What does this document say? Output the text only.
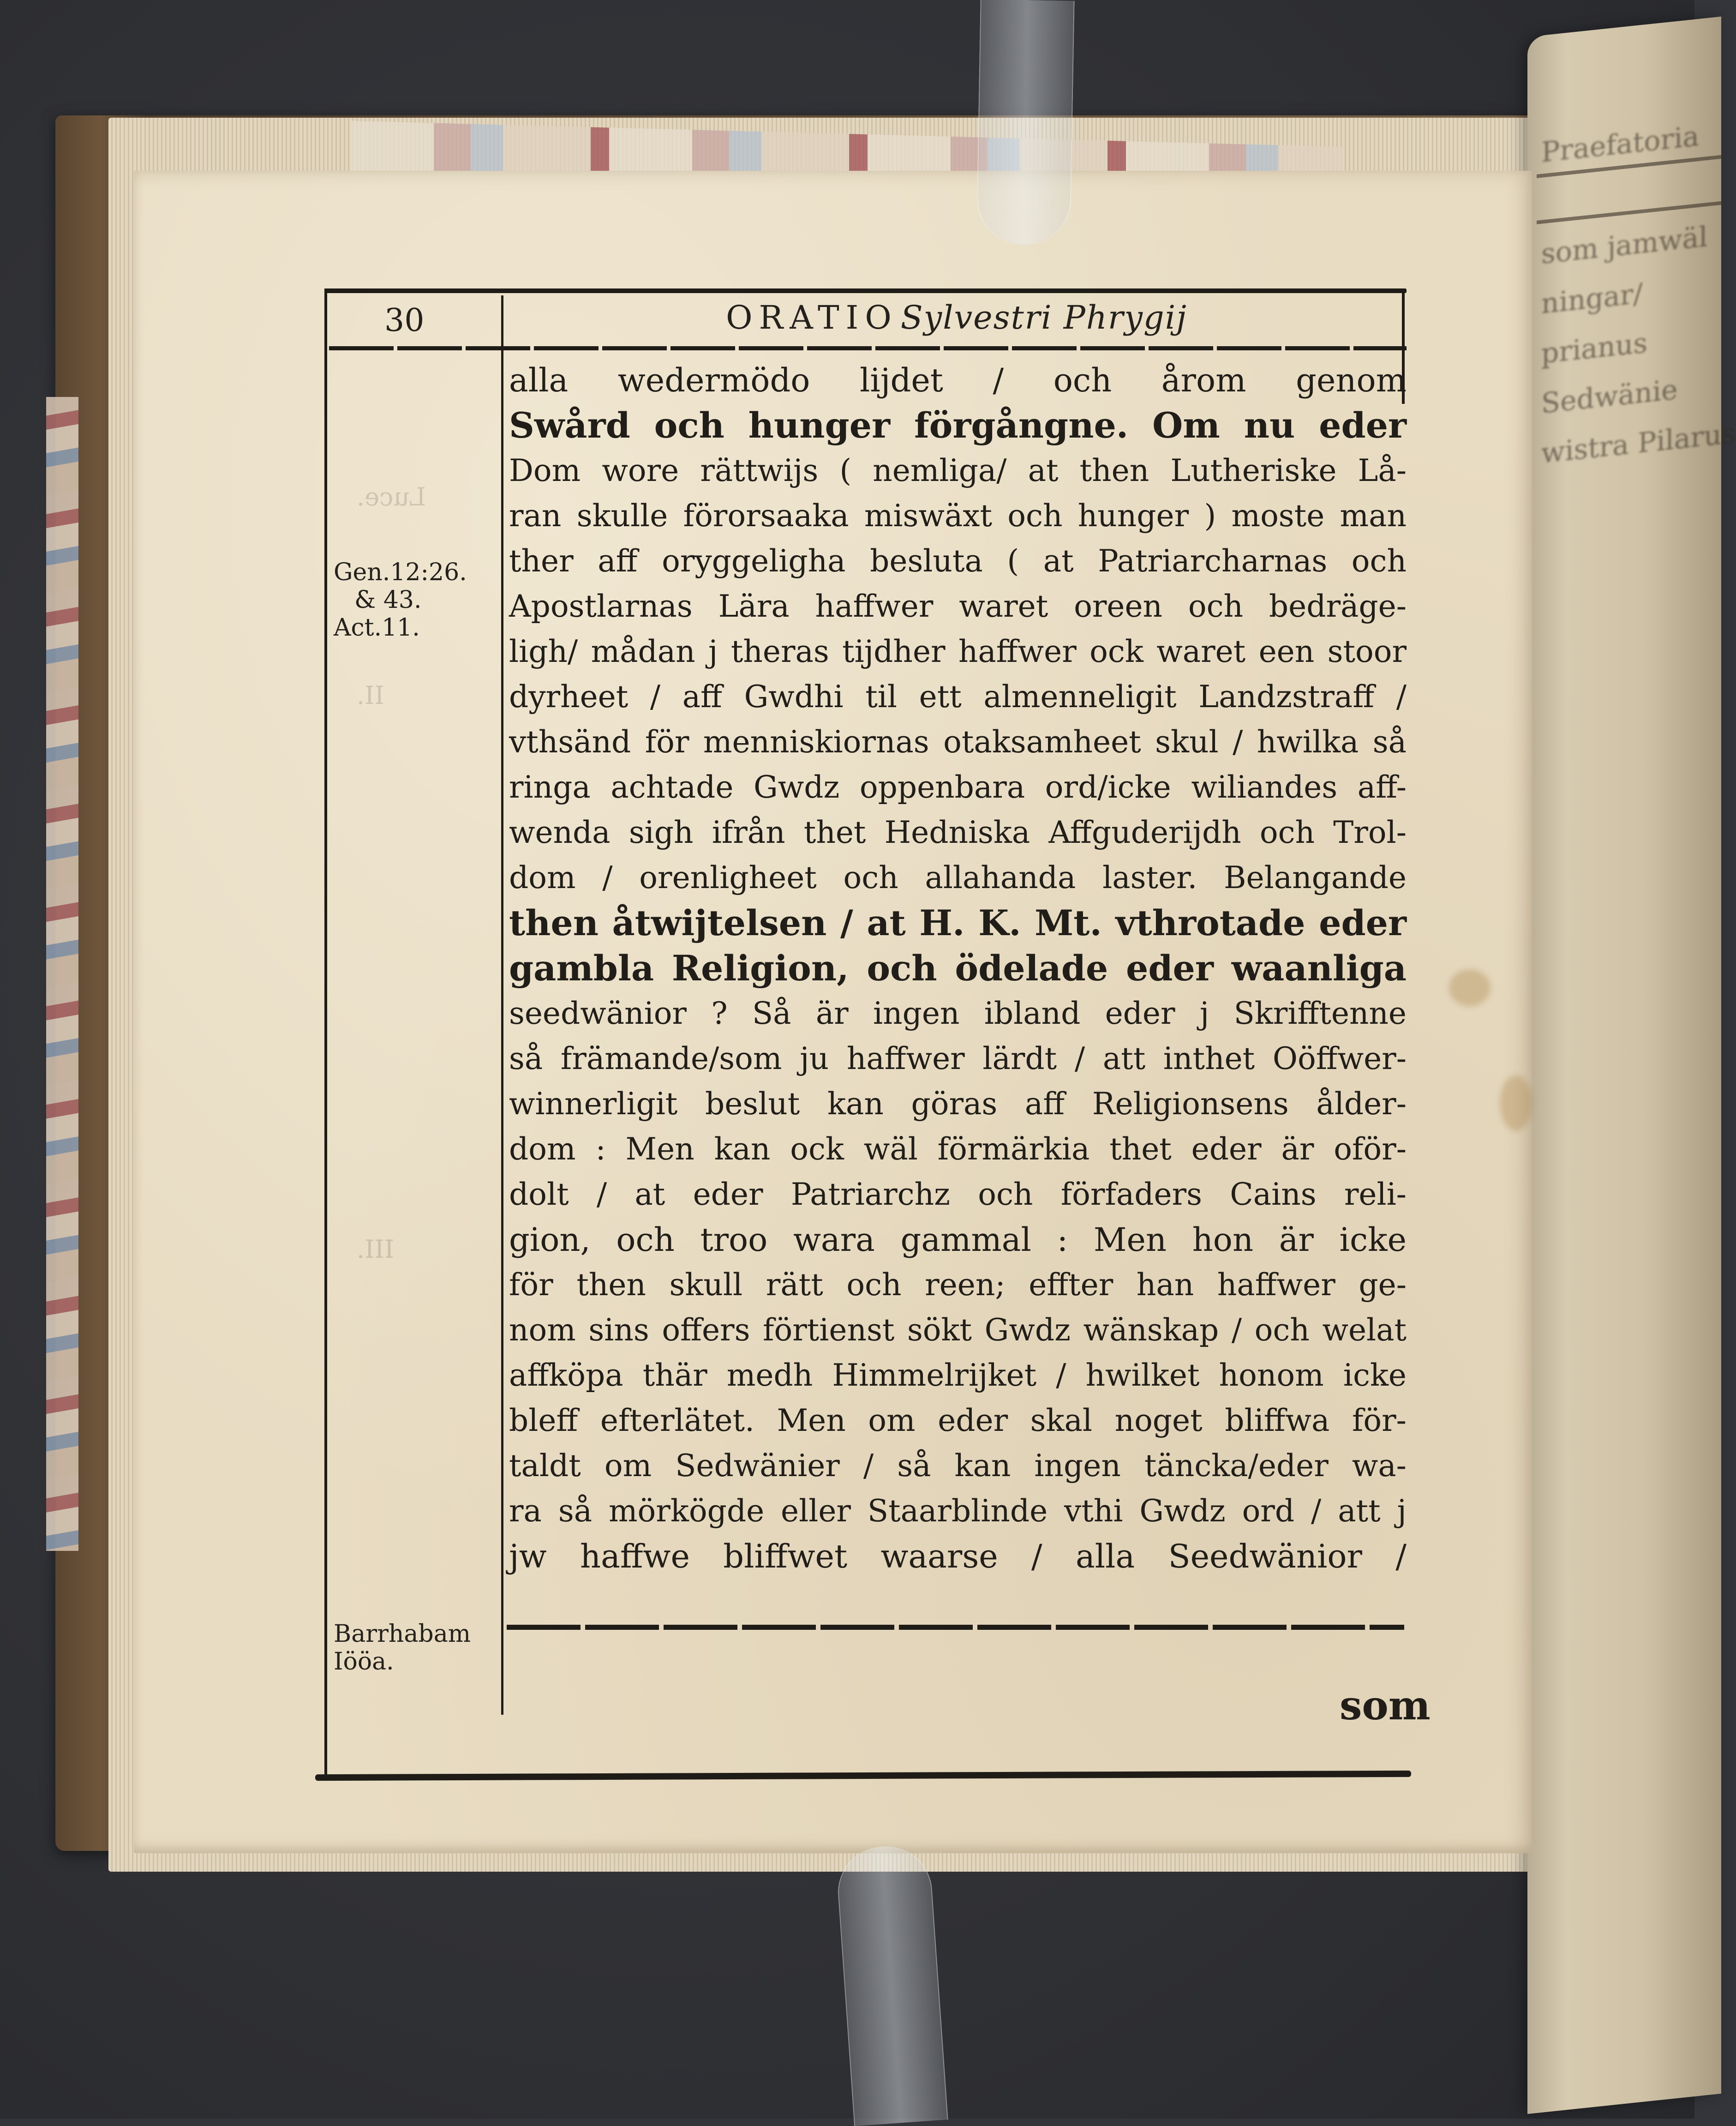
Praefatoria
som jamwäl
ningar/
prianus
Sedwänie
wistra Pilarus
30	ORATIOSylvestri Phrygij
Luce.
II.
III.
Gen.12:26.
& 43.
Act.11.
Barrhabam
Iööa.
alla wedermödo lijdet / och årom genom
Swård och hunger förgångne. Om nu eder
Dom wore rättwijs ( nemliga/ at then Lutheriske Lå-
ran skulle förorsaaka miswäxt och hunger ) moste man
ther aff oryggeligha besluta ( at Patriarcharnas och
Apostlarnas Lära haffwer waret oreen och bedräge-
ligh/ mådan j theras tijdher haffwer ock waret een stoor
dyrheet / aff Gwdhi til ett almenneligit Landzstraff /
vthsänd för menniskiornas otaksamheet skul / hwilka så
ringa achtade Gwdz oppenbara ord/icke wiliandes aff-
wenda sigh ifrån thet Hedniska Affguderijdh och Trol-
dom / orenligheet och allahanda laster. Belangande
then åtwijtelsen / at H. K. Mt. vthrotade eder
gambla Religion, och ödelade eder waanliga
seedwänior ? Så är ingen ibland eder j Skrifftenne
så främande/som ju haffwer lärdt / att inthet Oöffwer-
winnerligit beslut kan göras aff Religionsens ålder-
dom : Men kan ock wäl förmärkia thet eder är oför-
dolt / at eder Patriarchz och förfaders Cains reli-
gion, och troo wara gammal : Men hon är icke
för then skull rätt och reen; effter han haffwer ge-
nom sins offers förtienst sökt Gwdz wänskap / och welat
affköpa thär medh Himmelrijket / hwilket honom icke
bleff efterlätet. Men om eder skal noget bliffwa för-
taldt om Sedwänier / så kan ingen täncka/eder wa-
ra så mörkögde eller Staarblinde vthi Gwdz ord / att j
jw haffwe bliffwet waarse / alla Seedwänior /
som
